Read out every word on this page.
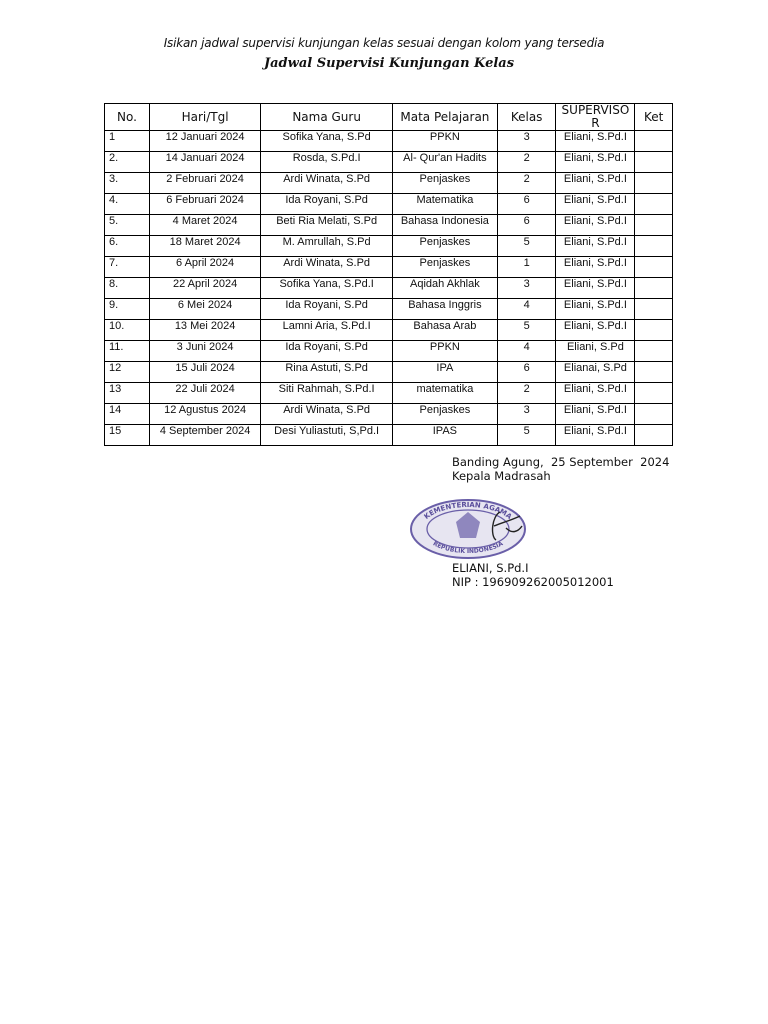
Isikan jadwal supervisi kunjungan kelas sesuai dengan kolom yang tersedia
Jadwal Supervisi Kunjungan Kelas
No.	Hari/Tgl	Nama Guru	Mata Pelajaran	Kelas	SUPERVISOR	Ket
1	12 Januari 2024	Sofika Yana, S.Pd	PPKN	3	Eliani, S.Pd.I	
2.	14 Januari 2024	Rosda, S.Pd.I	Al- Qur'an Hadits	2	Eliani, S.Pd.I	
3.	2 Februari 2024	Ardi Winata, S.Pd	Penjaskes	2	Eliani, S.Pd.I	
4.	6 Februari 2024	Ida Royani, S.Pd	Matematika	6	Eliani, S.Pd.I	
5.	4 Maret 2024	Beti Ria Melati, S.Pd	Bahasa Indonesia	6	Eliani, S.Pd.I	
6.	18 Maret 2024	M. Amrullah, S.Pd	Penjaskes	5	Eliani, S.Pd.I	
7.	6 April 2024	Ardi Winata, S.Pd	Penjaskes	1	Eliani, S.Pd.I	
8.	22 April 2024	Sofika Yana, S.Pd.I	Aqidah Akhlak	3	Eliani, S.Pd.I	
9.	6 Mei 2024	Ida Royani, S.Pd	Bahasa Inggris	4	Eliani, S.Pd.I	
10.	13 Mei 2024	Lamni Aria, S.Pd.I	Bahasa Arab	5	Eliani, S.Pd.I	
11.	3 Juni 2024	Ida Royani, S.Pd	PPKN	4	Eliani, S.Pd	
12	15 Juli 2024	Rina Astuti, S.Pd	IPA	6	Elianai, S.Pd	
13	22 Juli 2024	Siti Rahmah, S.Pd.I	matematika	2	Eliani, S.Pd.I	
14	12 Agustus 2024	Ardi Winata, S.Pd	Penjaskes	3	Eliani, S.Pd.I	
15	4 September 2024	Desi Yuliastuti, S,Pd.I	IPAS	5	Eliani, S.Pd.I	
Banding Agung,  25 September  2024
Kepala Madrasah
KEMENTERIAN AGAMA
REPUBLIK INDONESIA
ELIANI, S.Pd.I
NIP : 196909262005012001
